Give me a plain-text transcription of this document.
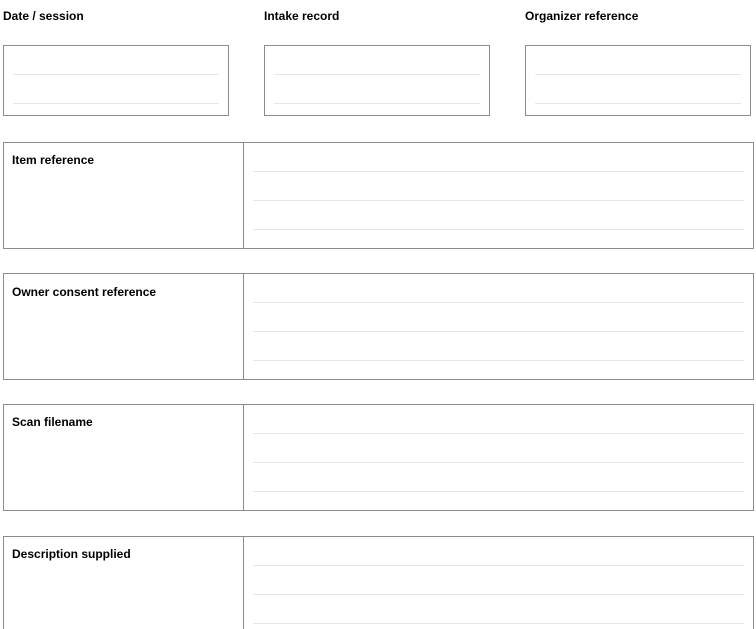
Date / session	Intake record	Organizer reference
Item reference
Owner consent reference
Scan filename
Description supplied
